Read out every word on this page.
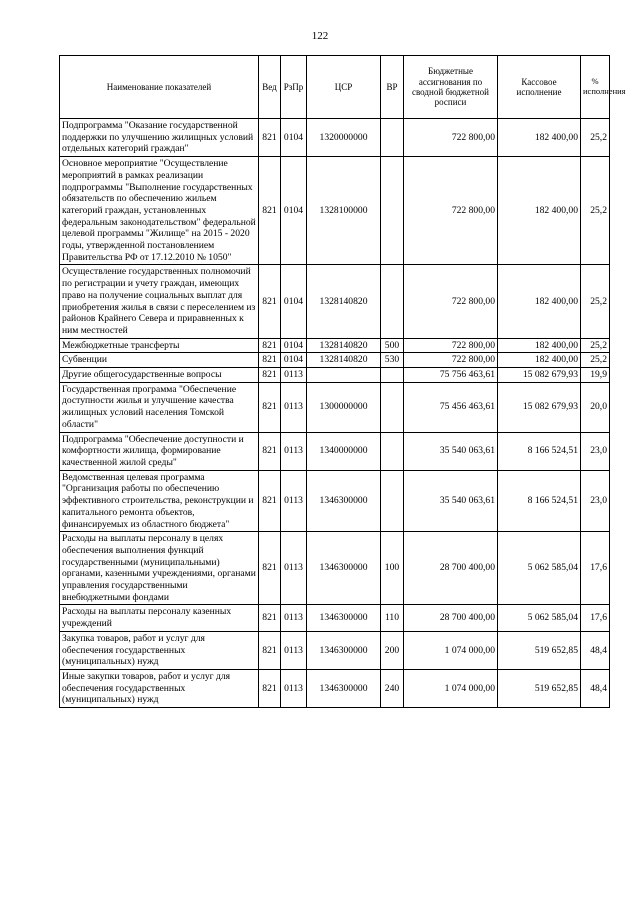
122
Наименование показателей	Вед	РзПр	ЦСР	ВР	Бюджетные ассигнования по сводной бюджетной росписи	Кассовое исполнение	% исполнения
Подпрограмма "Оказание государственной поддержки по улучшению жилищных условий отдельных категорий граждан"	821	0104	1320000000		722 800,00	182 400,00	25,2
Основное мероприятие "Осуществление мероприятий в рамках реализации подпрограммы "Выполнение государственных обязательств по обеспечению жильем категорий граждан, установленных федеральным законодательством" федеральной целевой программы "Жилище" на 2015 - 2020 годы, утвержденной постановлением Правительства РФ от 17.12.2010 № 1050"	821	0104	1328100000		722 800,00	182 400,00	25,2
Осуществление государственных полномочий по регистрации и учету граждан, имеющих право на получение социальных выплат для приобретения жилья в связи с переселением из районов Крайнего Севера и приравненных к ним местностей	821	0104	1328140820		722 800,00	182 400,00	25,2
Межбюджетные трансферты	821	0104	1328140820	500	722 800,00	182 400,00	25,2
Субвенции	821	0104	1328140820	530	722 800,00	182 400,00	25,2
Другие общегосударственные вопросы	821	0113			75 756 463,61	15 082 679,93	19,9
Государственная программа "Обеспечение доступности жилья и улучшение качества жилищных условий населения Томской области"	821	0113	1300000000		75 456 463,61	15 082 679,93	20,0
Подпрограмма "Обеспечение доступности и комфортности жилища, формирование качественной жилой среды"	821	0113	1340000000		35 540 063,61	8 166 524,51	23,0
Ведомственная целевая программа "Организация работы по обеспечению эффективного строительства, реконструкции и капитального ремонта объектов, финансируемых из областного бюджета"	821	0113	1346300000		35 540 063,61	8 166 524,51	23,0
Расходы на выплаты персоналу в целях обеспечения выполнения функций государственными (муниципальными) органами, казенными учреждениями, органами управления государственными внебюджетными фондами	821	0113	1346300000	100	28 700 400,00	5 062 585,04	17,6
Расходы на выплаты персоналу казенных учреждений	821	0113	1346300000	110	28 700 400,00	5 062 585,04	17,6
Закупка товаров, работ и услуг для обеспечения государственных (муниципальных) нужд	821	0113	1346300000	200	1 074 000,00	519 652,85	48,4
Иные закупки товаров, работ и услуг для обеспечения государственных (муниципальных) нужд	821	0113	1346300000	240	1 074 000,00	519 652,85	48,4
